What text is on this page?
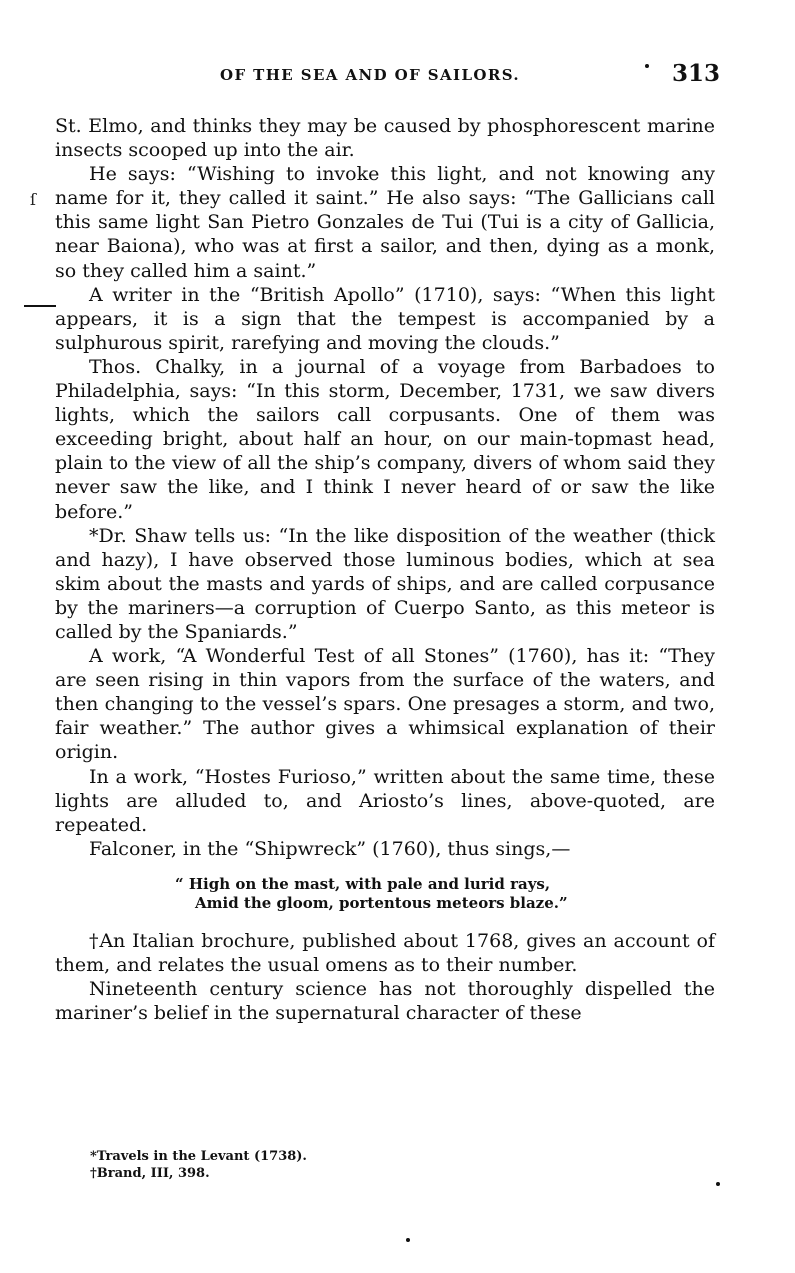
OF THE SEA AND OF SAILORS.	313
ſ

St. Elmo, and thinks they may be caused by phosphorescent marine insects scooped up into the air.

He says: “Wishing to invoke this light, and not knowing any name for it, they called it saint.” He also says: “The Gallicians call this same light San Pietro Gonzales de Tui (Tui is a city of Gallicia, near Baiona), who was at first a sailor, and then, dying as a monk, so they called him a saint.”

A writer in the “British Apollo” (1710), says: “When this light appears, it is a sign that the tempest is accompanied by a sulphurous spirit, rarefying and moving the clouds.”

Thos. Chalky, in a journal of a voyage from Barbadoes to Philadelphia, says: “In this storm, December, 1731, we saw divers lights, which the sailors call corpusants. One of them was exceeding bright, about half an hour, on our main-topmast head, plain to the view of all the ship’s company, divers of whom said they never saw the like, and I think I never heard of or saw the like before.”

*Dr. Shaw tells us: “In the like disposition of the weather (thick and hazy), I have observed those luminous bodies, which at sea skim about the masts and yards of ships, and are called corpusance by the mariners—a corruption of Cuerpo Santo, as this meteor is called by the Spaniards.”

A work, “A Wonderful Test of all Stones” (1760), has it: “They are seen rising in thin vapors from the surface of the waters, and then changing to the vessel’s spars. One presages a storm, and two, fair weather.” The author gives a whimsical explanation of their origin.

In a work, “Hostes Furioso,” written about the same time, these lights are alluded to, and Ariosto’s lines, above-quoted, are repeated.

Falconer, in the “Shipwreck” (1760), thus sings,—

“ High on the mast, with pale and lurid rays,
Amid the gloom, portentous meteors blaze.”

†An Italian brochure, published about 1768, gives an account of them, and relates the usual omens as to their number.

Nineteenth century science has not thoroughly dispelled the mariner’s belief in the supernatural character of these

*Travels in the Levant (1738).
†Brand, III, 398.
